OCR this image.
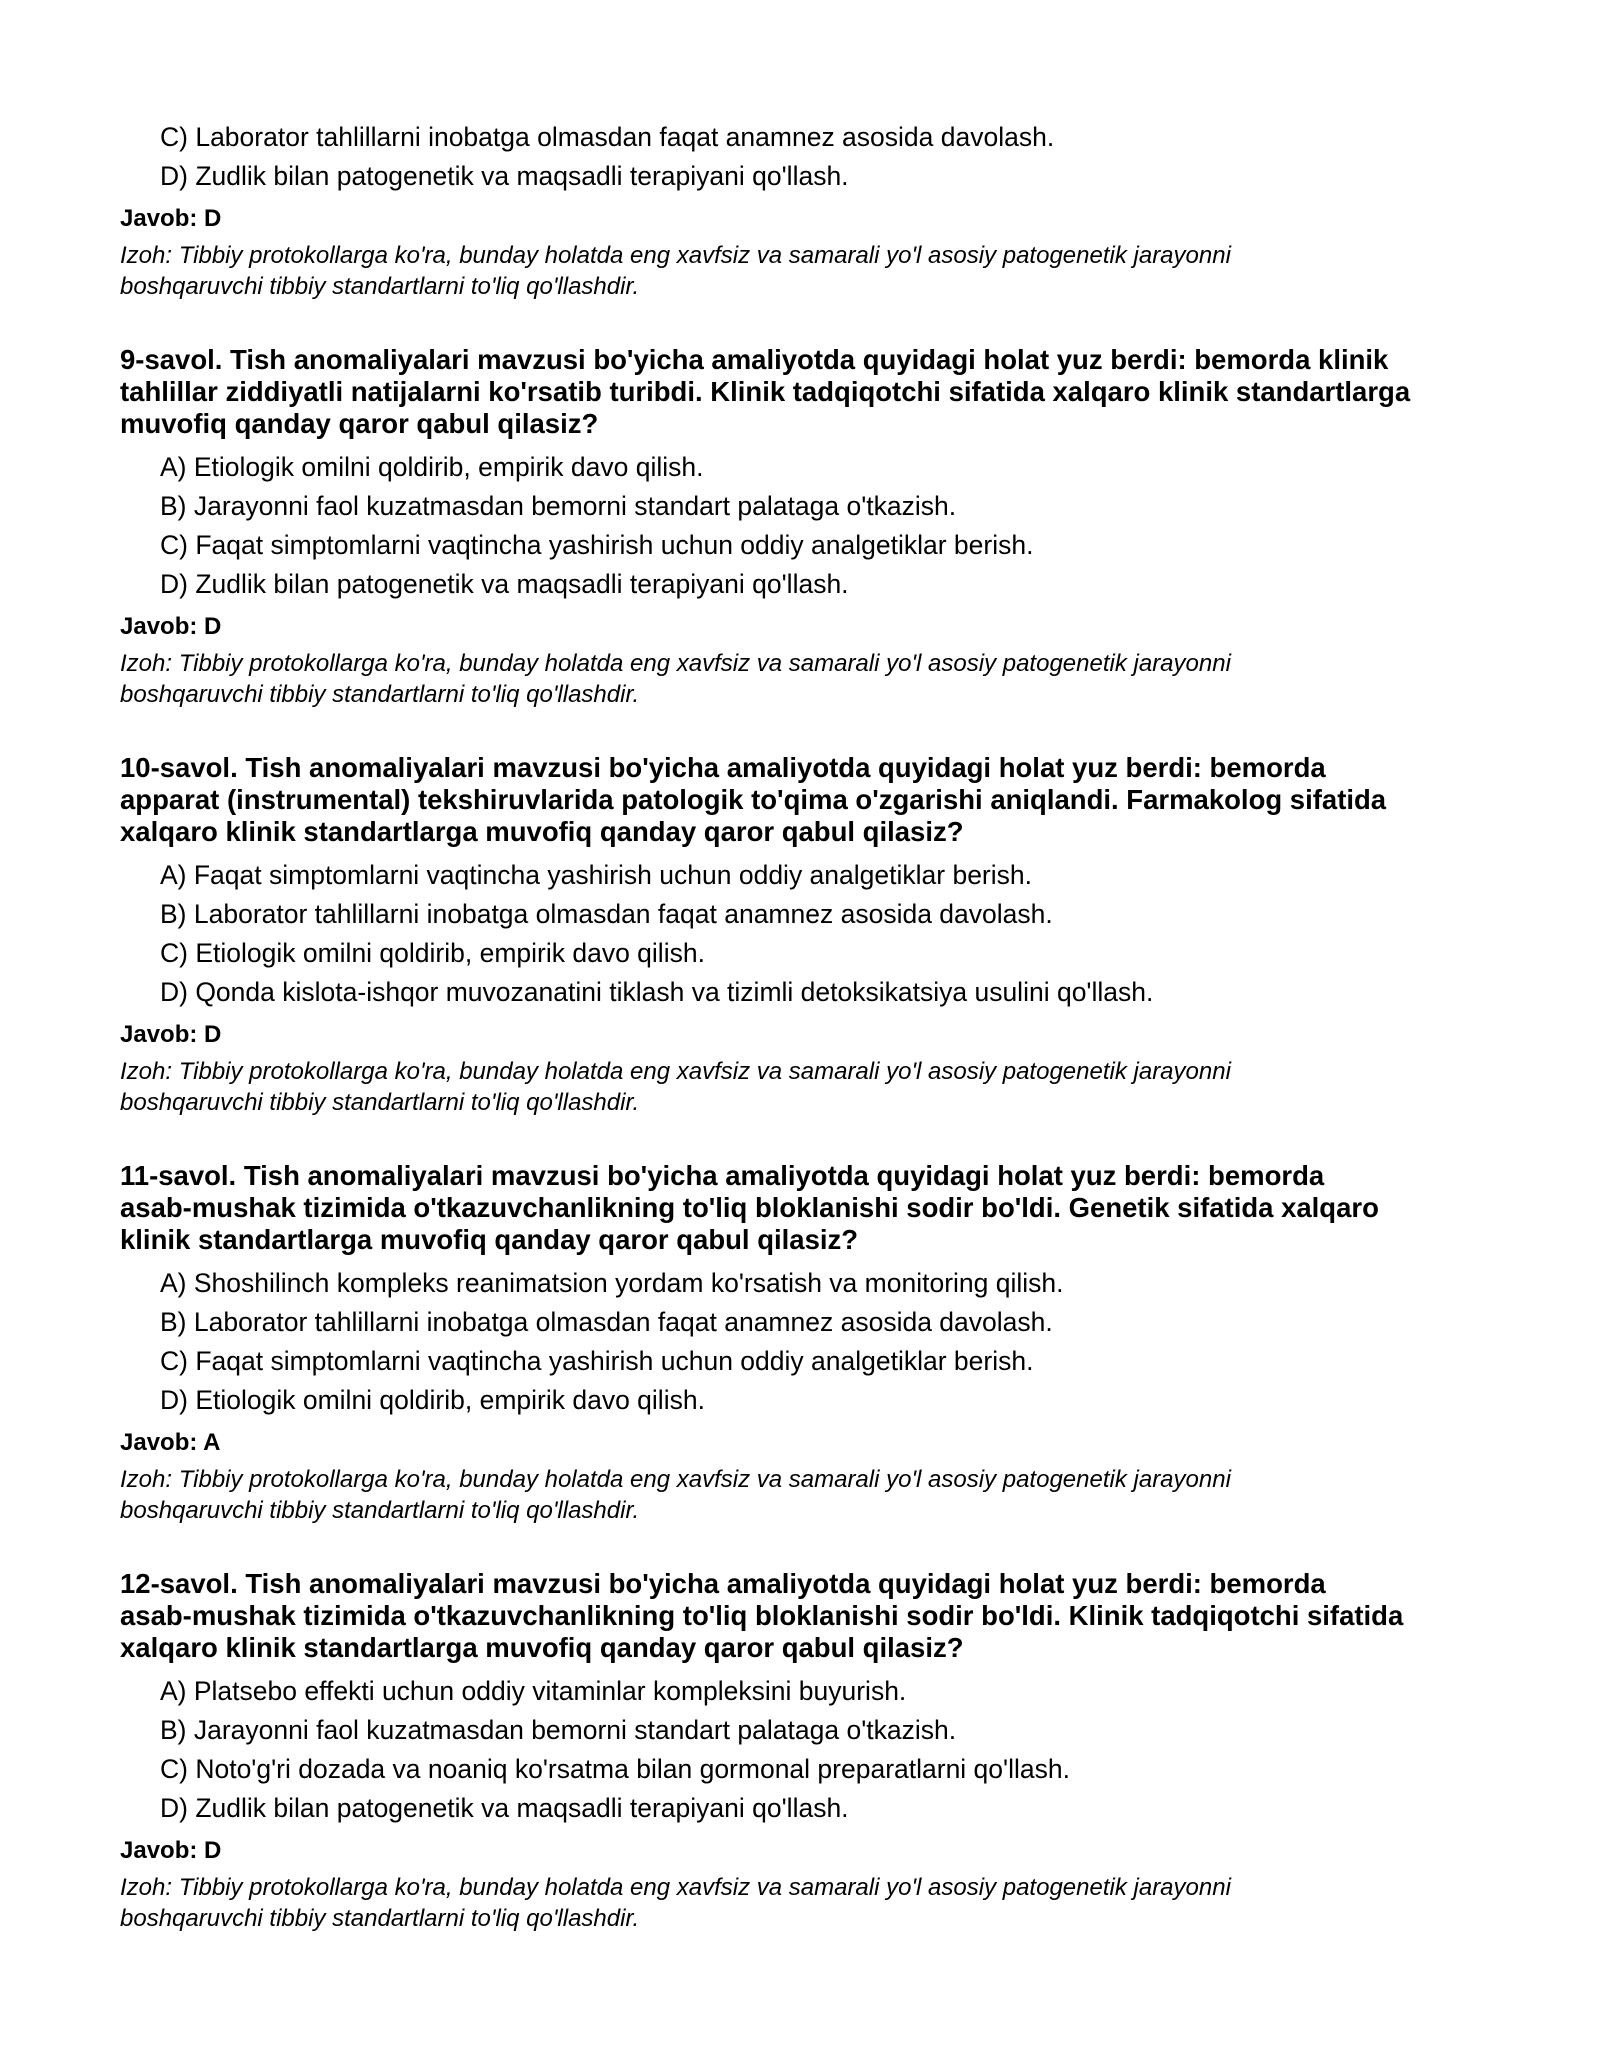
C) Laborator tahlillarni inobatga olmasdan faqat anamnez asosida davolash.
D) Zudlik bilan patogenetik va maqsadli terapiyani qo'llash.
Javob: D
Izoh: Tibbiy protokollarga ko'ra, bunday holatda eng xavfsiz va samarali yo'l asosiy patogenetik jarayonni
boshqaruvchi tibbiy standartlarni to'liq qo'llashdir.
9-savol. Tish anomaliyalari mavzusi bo'yicha amaliyotda quyidagi holat yuz berdi: bemorda klinik
tahlillar ziddiyatli natijalarni ko'rsatib turibdi. Klinik tadqiqotchi sifatida xalqaro klinik standartlarga
muvofiq qanday qaror qabul qilasiz?
A) Etiologik omilni qoldirib, empirik davo qilish.
B) Jarayonni faol kuzatmasdan bemorni standart palataga o'tkazish.
C) Faqat simptomlarni vaqtincha yashirish uchun oddiy analgetiklar berish.
D) Zudlik bilan patogenetik va maqsadli terapiyani qo'llash.
Javob: D
Izoh: Tibbiy protokollarga ko'ra, bunday holatda eng xavfsiz va samarali yo'l asosiy patogenetik jarayonni
boshqaruvchi tibbiy standartlarni to'liq qo'llashdir.
10-savol. Tish anomaliyalari mavzusi bo'yicha amaliyotda quyidagi holat yuz berdi: bemorda
apparat (instrumental) tekshiruvlarida patologik to'qima o'zgarishi aniqlandi. Farmakolog sifatida
xalqaro klinik standartlarga muvofiq qanday qaror qabul qilasiz?
A) Faqat simptomlarni vaqtincha yashirish uchun oddiy analgetiklar berish.
B) Laborator tahlillarni inobatga olmasdan faqat anamnez asosida davolash.
C) Etiologik omilni qoldirib, empirik davo qilish.
D) Qonda kislota-ishqor muvozanatini tiklash va tizimli detoksikatsiya usulini qo'llash.
Javob: D
Izoh: Tibbiy protokollarga ko'ra, bunday holatda eng xavfsiz va samarali yo'l asosiy patogenetik jarayonni
boshqaruvchi tibbiy standartlarni to'liq qo'llashdir.
11-savol. Tish anomaliyalari mavzusi bo'yicha amaliyotda quyidagi holat yuz berdi: bemorda
asab-mushak tizimida o'tkazuvchanlikning to'liq bloklanishi sodir bo'ldi. Genetik sifatida xalqaro
klinik standartlarga muvofiq qanday qaror qabul qilasiz?
A) Shoshilinch kompleks reanimatsion yordam ko'rsatish va monitoring qilish.
B) Laborator tahlillarni inobatga olmasdan faqat anamnez asosida davolash.
C) Faqat simptomlarni vaqtincha yashirish uchun oddiy analgetiklar berish.
D) Etiologik omilni qoldirib, empirik davo qilish.
Javob: A
Izoh: Tibbiy protokollarga ko'ra, bunday holatda eng xavfsiz va samarali yo'l asosiy patogenetik jarayonni
boshqaruvchi tibbiy standartlarni to'liq qo'llashdir.
12-savol. Tish anomaliyalari mavzusi bo'yicha amaliyotda quyidagi holat yuz berdi: bemorda
asab-mushak tizimida o'tkazuvchanlikning to'liq bloklanishi sodir bo'ldi. Klinik tadqiqotchi sifatida
xalqaro klinik standartlarga muvofiq qanday qaror qabul qilasiz?
A) Platsebo effekti uchun oddiy vitaminlar kompleksini buyurish.
B) Jarayonni faol kuzatmasdan bemorni standart palataga o'tkazish.
C) Noto'g'ri dozada va noaniq ko'rsatma bilan gormonal preparatlarni qo'llash.
D) Zudlik bilan patogenetik va maqsadli terapiyani qo'llash.
Javob: D
Izoh: Tibbiy protokollarga ko'ra, bunday holatda eng xavfsiz va samarali yo'l asosiy patogenetik jarayonni
boshqaruvchi tibbiy standartlarni to'liq qo'llashdir.
